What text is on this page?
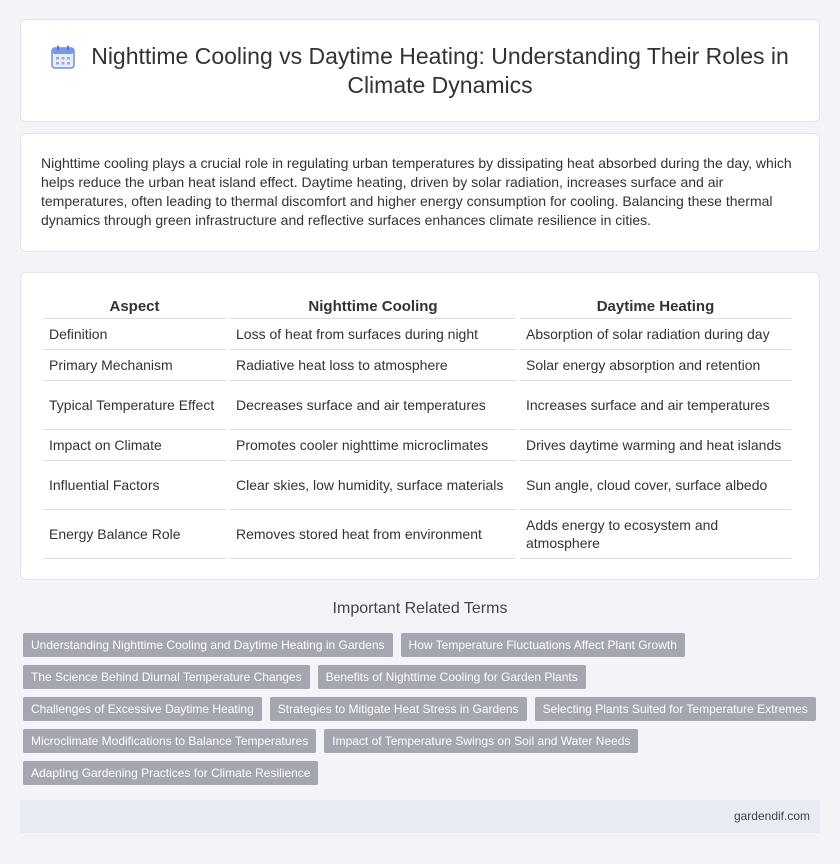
Nighttime Cooling vs Daytime Heating: Understanding Their Roles in Climate Dynamics

Nighttime cooling plays a crucial role in regulating urban temperatures by dissipating heat absorbed during the day, which helps reduce the urban heat island effect. Daytime heating, driven by solar radiation, increases surface and air temperatures, often leading to thermal discomfort and higher energy consumption for cooling. Balancing these thermal dynamics through green infrastructure and reflective surfaces enhances climate resilience in cities.

Aspect	Nighttime Cooling	Daytime Heating
Definition	Loss of heat from surfaces during night	Absorption of solar radiation during day
Primary Mechanism	Radiative heat loss to atmosphere	Solar energy absorption and retention
Typical Temperature Effect	Decreases surface and air temperatures	Increases surface and air temperatures
Impact on Climate	Promotes cooler nighttime microclimates	Drives daytime warming and heat islands
Influential Factors	Clear skies, low humidity, surface materials	Sun angle, cloud cover, surface albedo
Energy Balance Role	Removes stored heat from environment	Adds energy to ecosystem and atmosphere
Important Related Terms
Understanding Nighttime Cooling and Daytime Heating in Gardens	How Temperature Fluctuations Affect Plant Growth
The Science Behind Diurnal Temperature Changes	Benefits of Nighttime Cooling for Garden Plants
Challenges of Excessive Daytime Heating	Strategies to Mitigate Heat Stress in Gardens	Selecting Plants Suited for Temperature Extremes
Microclimate Modifications to Balance Temperatures	Impact of Temperature Swings on Soil and Water Needs
Adapting Gardening Practices for Climate Resilience
gardendif.com
